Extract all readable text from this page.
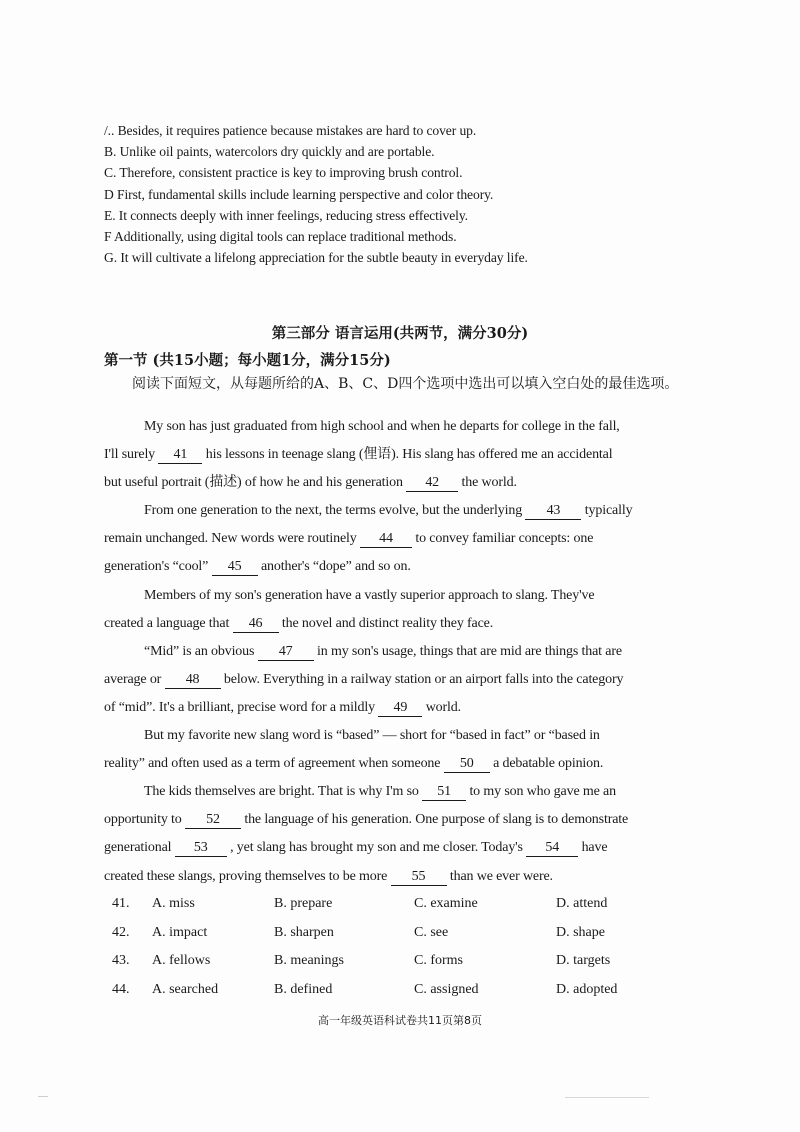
/.. Besides, it requires patience because mistakes are hard to cover up.
B. Unlike oil paints, watercolors dry quickly and are portable.
C. Therefore, consistent practice is key to improving brush control.
D First, fundamental skills include learning perspective and color theory.
E. It connects deeply with inner feelings, reducing stress effectively.
F Additionally, using digital tools can replace traditional methods.
G. It will cultivate a lifelong appreciation for the subtle beauty in everyday life.
第三部分 语言运用(共两节，满分30分)
第一节 (共15小题；每小题1分，满分15分)
阅读下面短文，从每题所给的A、B、C、D四个选项中选出可以填入空白处的最佳选项。
My son has just graduated from high school and when he departs for college in the fall,
I'll surely 41 his lessons in teenage slang (俚语). His slang has offered me an accidental
but useful portrait (描述) of how he and his generation 42 the world.
From one generation to the next, the terms evolve, but the underlying 43 typically
remain unchanged. New words were routinely 44 to convey familiar concepts: one
generation's “cool” 45 another's “dope” and so on.
Members of my son's generation have a vastly superior approach to slang. They've
created a language that 46 the novel and distinct reality they face.
“Mid” is an obvious 47 in my son's usage, things that are mid are things that are
average or 48 below. Everything in a railway station or an airport falls into the category
of “mid”. It's a brilliant, precise word for a mildly 49 world.
But my favorite new slang word is “based” — short for “based in fact” or “based in
reality” and often used as a term of agreement when someone 50 a debatable opinion.
The kids themselves are bright. That is why I'm so 51 to my son who gave me an
opportunity to 52 the language of his generation. One purpose of slang is to demonstrate
generational 53 , yet slang has brought my son and me closer. Today's 54 have
created these slangs, proving themselves to be more 55 than we ever were.
41.	A. miss	B. prepare	C. examine	D. attend
42.	A. impact	B. sharpen	C. see	D. shape
43.	A. fellows	B. meanings	C. forms	D. targets
44.	A. searched	B. defined	C. assigned	D. adopted
高一年级英语科试卷共11页第8页
